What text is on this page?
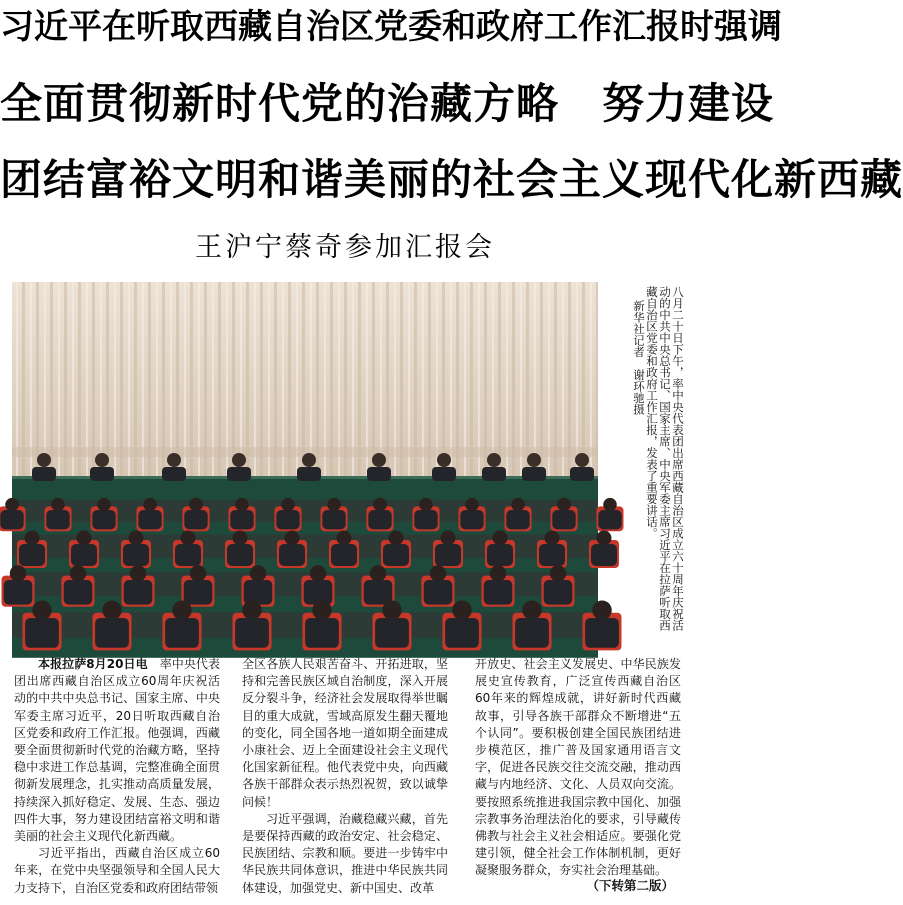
习近平在听取西藏自治区党委和政府工作汇报时强调
全面贯彻新时代党的治藏方略　努力建设
团结富裕文明和谐美丽的社会主义现代化新西藏
王沪宁蔡奇参加汇报会
八月二十日下午，率中央代表团出席西藏自治区成立六十周年庆祝活动的中共中央总书记、国家主席、中央军委主席习近平在拉萨听取西藏自治区党委和政府工作汇报，发表了重要讲话。
新华社记者　谢环驰摄

本报拉萨8月20日电　 率中央代表团出席西藏自治区成立60周年庆祝活动的中共中央总书记、国家主席、中央军委主席习近平，20日听取西藏自治区党委和政府工作汇报。他强调，西藏要全面贯彻新时代党的治藏方略，坚持稳中求进工作总基调，完整准确全面贯彻新发展理念，扎实推动高质量发展，持续深入抓好稳定、发展、生态、强边四件大事，努力建设团结富裕文明和谐美丽的社会主义现代化新西藏。

习近平指出，西藏自治区成立60年来，在党中央坚强领导和全国人民大力支持下，自治区党委和政府团结带领

全区各族人民艰苦奋斗、开拓进取，坚持和完善民族区域自治制度，深入开展反分裂斗争，经济社会发展取得举世瞩目的重大成就，雪域高原发生翻天覆地的变化，同全国各地一道如期全面建成小康社会、迈上全面建设社会主义现代化国家新征程。他代表党中央，向西藏各族干部群众表示热烈祝贺，致以诚挚问候！

习近平强调，治藏稳藏兴藏，首先是要保持西藏的政治安定、社会稳定、民族团结、宗教和顺。要进一步铸牢中华民族共同体意识，推进中华民族共同体建设，加强党史、新中国史、改革

开放史、社会主义发展史、中华民族发展史宣传教育，广泛宣传西藏自治区60年来的辉煌成就，讲好新时代西藏故事，引导各族干部群众不断增进“五个认同”。要积极创建全国民族团结进步模范区，推广普及国家通用语言文字，促进各民族交往交流交融，推动西藏与内地经济、文化、人员双向交流。要按照系统推进我国宗教中国化、加强宗教事务治理法治化的要求，引导藏传佛教与社会主义社会相适应。要强化党建引领，健全社会工作体制机制，更好凝聚服务群众，夯实社会治理基础。

（下转第二版）
